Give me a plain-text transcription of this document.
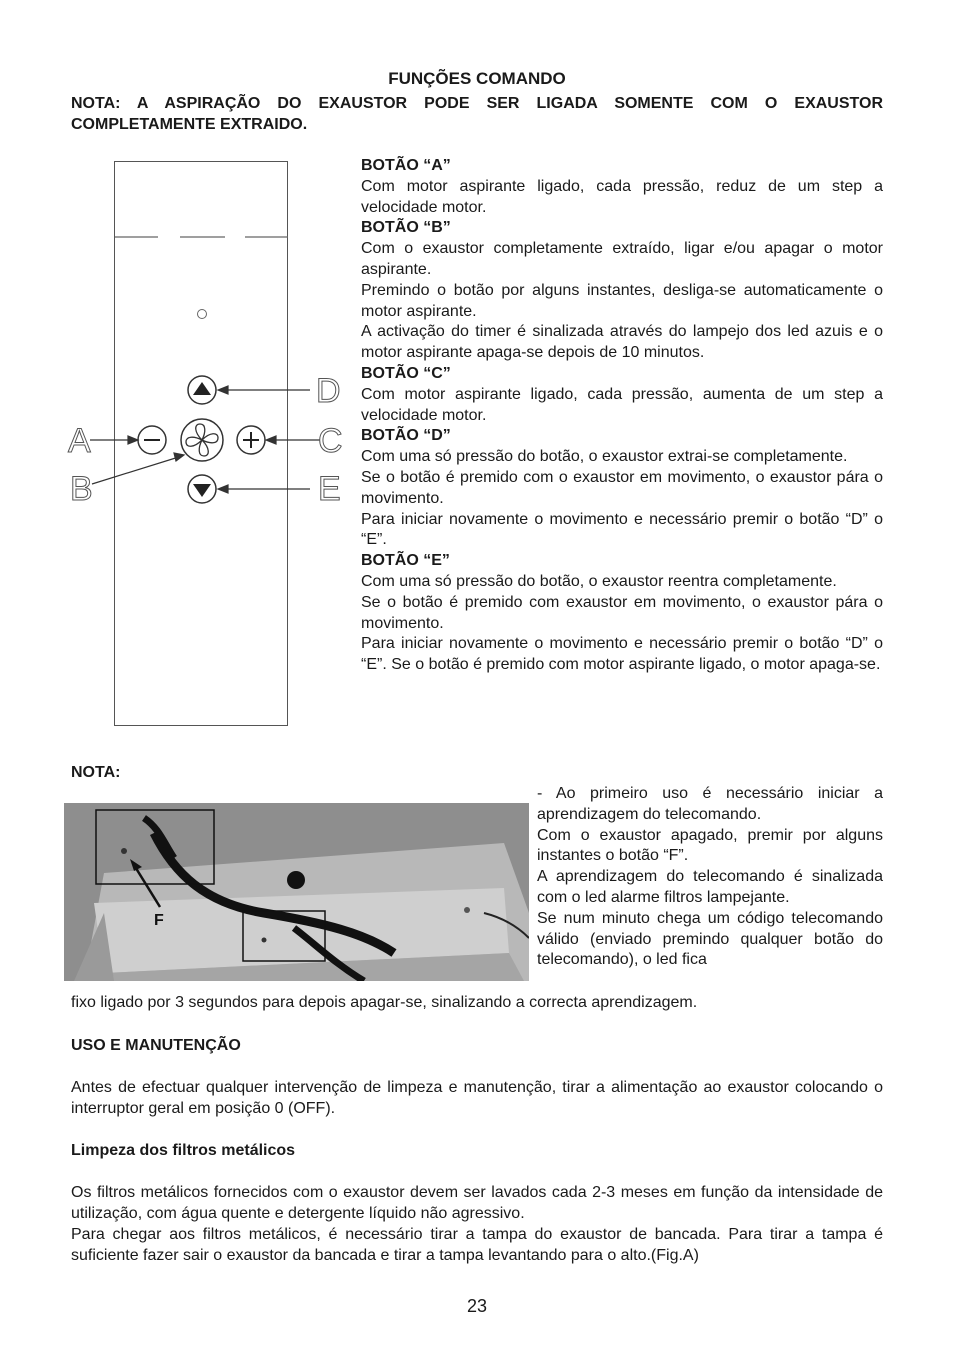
FUNÇÕES COMANDO
NOTA: A ASPIRAÇÃO DO EXAUSTOR PODE SER LIGADA SOMENTE COM O EXAUSTOR COMPLETAMENTE EXTRAIDO.
A
B
C
D
E

BOTÃO “A”

Com motor aspirante ligado, cada pressão, reduz de um step a velocidade motor.

BOTÃO “B”

Com o exaustor completamente extraído, ligar e/ou apagar o motor aspirante.

Premindo o botão por alguns instantes, desliga-se automaticamente o motor aspirante.

A activação do timer é sinalizada através do lampejo dos led azuis e o motor aspirante apaga-se depois de 10 minutos.

BOTÃO “C”

Com motor aspirante ligado, cada pressão, aumenta de um step a velocidade motor.

BOTÃO “D”

Com uma só pressão do botão, o exaustor extrai-se completamente.

Se o botão é premido com o exaustor em movimento, o exaustor pára o movimento.

Para iniciar novamente o movimento e necessário premir o botão “D” o “E”.

BOTÃO “E”

Com uma só pressão do botão, o exaustor reentra completamente.

Se o botão é premido com exaustor em movimento, o exaustor pára o movimento.

Para iniciar novamente o movimento e necessário premir o botão “D” o “E”. Se o botão é premido com motor aspirante ligado, o motor apaga-se.

NOTA:
F

- Ao primeiro uso é necessário iniciar a aprendizagem do telecomando.

Com o exaustor apagado, premir por alguns instantes o botão “F”.

A aprendizagem do telecomando é sinalizada com o led alarme filtros lampejante.

Se num minuto chega um código telecomando válido (enviado premindo qualquer botão do telecomando), o led fica

fixo ligado por 3 segundos para depois apagar-se, sinalizando a correcta aprendizagem.
USO E MANUTENÇÃO

Antes de efectuar qualquer intervenção de limpeza e manutenção, tirar a alimentação ao exaustor colocando o interruptor geral em posição 0 (OFF).

Limpeza dos filtros metálicos

Os filtros metálicos fornecidos com o exaustor devem ser lavados cada 2-3 meses em função da intensidade de utilização, com água quente e detergente líquido não agressivo.

Para chegar aos filtros metálicos, é necessário tirar a tampa do exaustor de bancada. Para tirar a tampa é suficiente fazer sair o exaustor da bancada e tirar a tampa levantando para o alto.(Fig.A)

23
